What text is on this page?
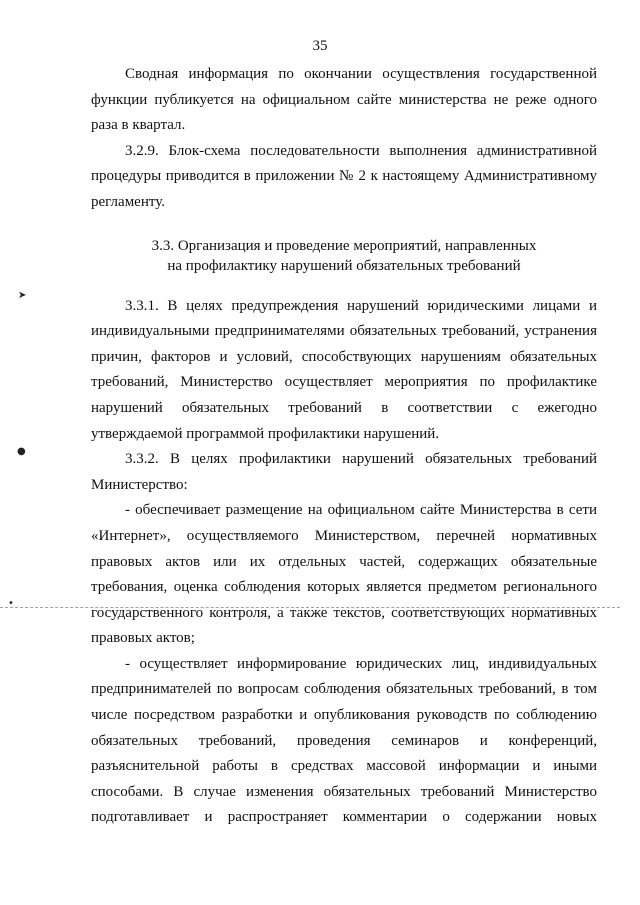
35

Сводная информация по окончании осуществления государственной функции публикуется на официальном сайте министерства не реже одного раза в квартал.

3.2.9. Блок-схема последовательности выполнения административной процедуры приводится в приложении № 2 к настоящему Административному регламенту.

3.3. Организация и проведение мероприятий, направленных
на профилактику нарушений обязательных требований

3.3.1. В целях предупреждения нарушений юридическими лицами и индивидуальными предпринимателями обязательных требований, устранения причин, факторов и условий, способствующих нарушениям обязательных требований, Министерство осуществляет мероприятия по профилактике нарушений обязательных требований в соответствии с ежегодно утверждаемой программой профилактики нарушений.

3.3.2. В целях профилактики нарушений обязательных требований Министерство:

- обеспечивает размещение на официальном сайте Министерства в сети «Интернет», осуществляемого Министерством, перечней нормативных правовых актов или их отдельных частей, содержащих обязательные требования, оценка соблюдения которых является предметом регионального государственного контроля, а также текстов, соответствующих нормативных правовых актов;

- осуществляет информирование юридических лиц, индивидуальных предпринимателей по вопросам соблюдения обязательных требований, в том числе посредством разработки и опубликования руководств по соблюдению обязательных требований, проведения семинаров и конференций, разъяснительной работы в средствах массовой информации и иными способами. В случае изменения обязательных требований Министерство подготавливает и распространяет комментарии о содержании новых

➤
●
•
